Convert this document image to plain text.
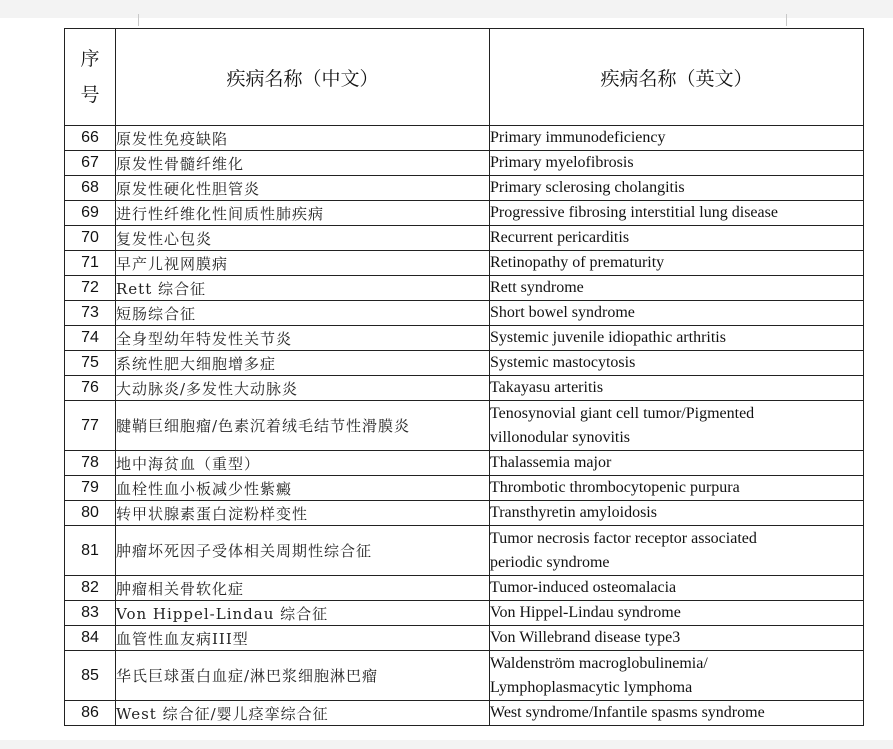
序
号	疾病名称（中文）	疾病名称（英文）
66	原发性免疫缺陷	Primary immunodeficiency

67	原发性骨髓纤维化	Primary myelofibrosis

68	原发性硬化性胆管炎	Primary sclerosing cholangitis

69	进行性纤维化性间质性肺疾病	Progressive fibrosing interstitial lung disease

70	复发性心包炎	Recurrent pericarditis

71	早产儿视网膜病	Retinopathy of prematurity

72	Rett 综合征	Rett syndrome

73	短肠综合征	Short bowel syndrome

74	全身型幼年特发性关节炎	Systemic juvenile idiopathic arthritis

75	系统性肥大细胞增多症	Systemic mastocytosis

76	大动脉炎/多发性大动脉炎	Takayasu arteritis

77	腱鞘巨细胞瘤/色素沉着绒毛结节性滑膜炎	Tenosynovial giant cell tumor/Pigmented
villonodular synovitis

78	地中海贫血（重型）	Thalassemia major

79	血栓性血小板减少性紫癜	Thrombotic thrombocytopenic purpura

80	转甲状腺素蛋白淀粉样变性	Transthyretin amyloidosis

81	肿瘤坏死因子受体相关周期性综合征	Tumor necrosis factor receptor associated
periodic syndrome

82	肿瘤相关骨软化症	Tumor-induced osteomalacia

83	Von Hippel-Lindau 综合征	Von Hippel-Lindau syndrome

84	血管性血友病III型	Von Willebrand disease type3

85	华氏巨球蛋白血症/淋巴浆细胞淋巴瘤	Waldenström macroglobulinemia/
Lymphoplasmacytic lymphoma

86	West 综合征/婴儿痉挛综合征	West syndrome/Infantile spasms syndrome
